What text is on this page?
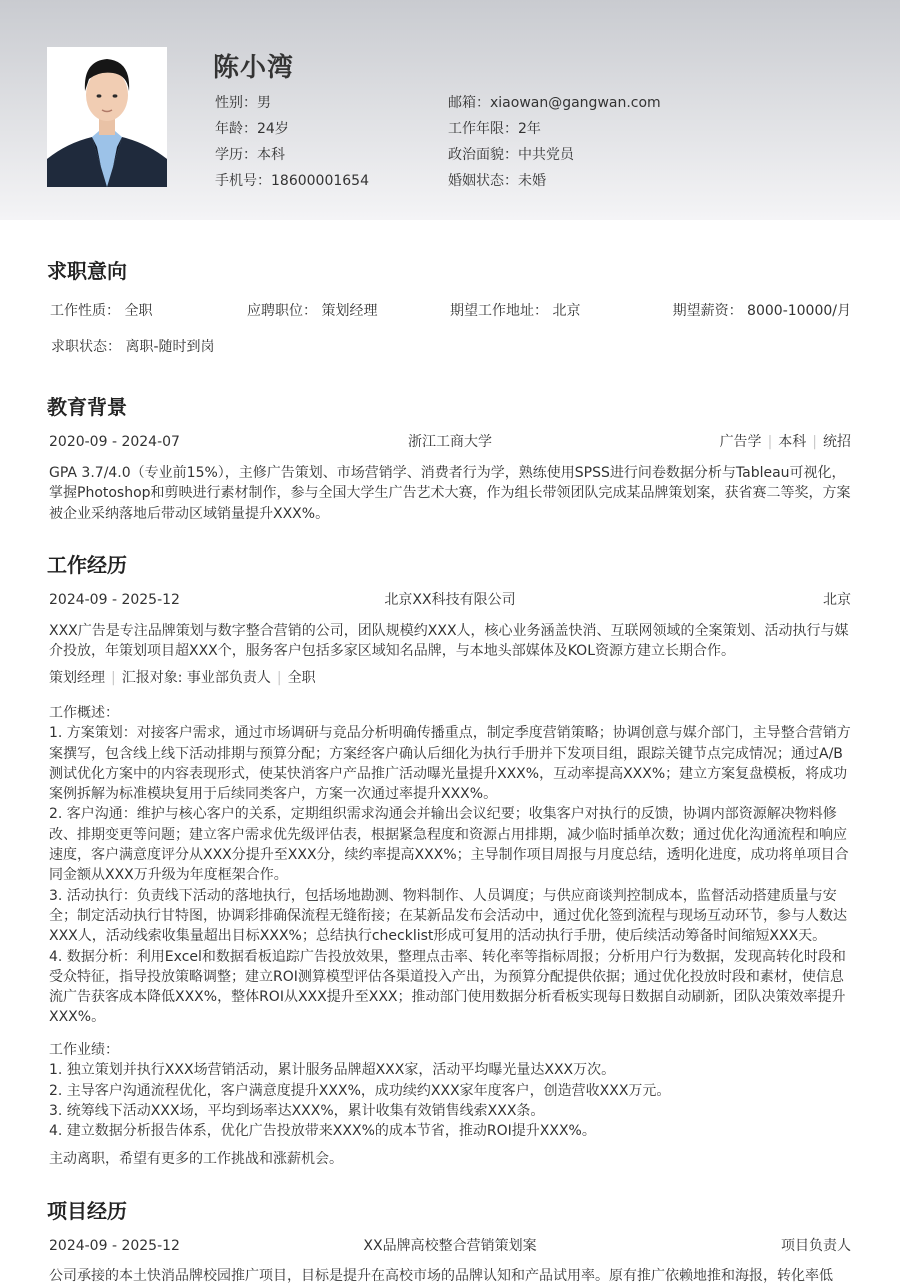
陈小湾
性别：男
年龄：24岁
学历：本科
手机号：18600001654
邮箱：xiaowan@gangwan.com
工作年限：2年
政治面貌：中共党员
婚姻状态：未婚
求职意向
工作性质： 全职	应聘职位： 策划经理	期望工作地址： 北京	期望薪资： 8000-10000/月
求职状态： 离职-随时到岗
教育背景
2020-09 - 2024-07	浙江工商大学	广告学 | 本科 | 统招
GPA 3.7/4.0（专业前15%），主修广告策划、市场营销学、消费者行为学，熟练使用SPSS进行问卷数据分析与Tableau可视化，
掌握Photoshop和剪映进行素材制作，参与全国大学生广告艺术大赛，作为组长带领团队完成某品牌策划案，获省赛二等奖，方案
被企业采纳落地后带动区域销量提升XXX%。
工作经历
2024-09 - 2025-12	北京XX科技有限公司	北京
XXX广告是专注品牌策划与数字整合营销的公司，团队规模约XXX人，核心业务涵盖快消、互联网领域的全案策划、活动执行与媒
介投放，年策划项目超XXX个，服务客户包括多家区域知名品牌，与本地头部媒体及KOL资源方建立长期合作。
策划经理 | 汇报对象: 事业部负责人 | 全职
工作概述：
1. 方案策划：对接客户需求，通过市场调研与竞品分析明确传播重点，制定季度营销策略；协调创意与媒介部门，主导整合营销方
案撰写，包含线上线下活动排期与预算分配；方案经客户确认后细化为执行手册并下发项目组，跟踪关键节点完成情况；通过A/B
测试优化方案中的内容表现形式，使某快消客户产品推广活动曝光量提升XXX%，互动率提高XXX%；建立方案复盘模板，将成功
案例拆解为标准模块复用于后续同类客户，方案一次通过率提升XXX%。
2. 客户沟通：维护与核心客户的关系，定期组织需求沟通会并输出会议纪要；收集客户对执行的反馈，协调内部资源解决物料修
改、排期变更等问题；建立客户需求优先级评估表，根据紧急程度和资源占用排期，减少临时插单次数；通过优化沟通流程和响应
速度，客户满意度评分从XXX分提升至XXX分，续约率提高XXX%；主导制作项目周报与月度总结，透明化进度，成功将单项目合
同金额从XXX万升级为年度框架合作。
3. 活动执行：负责线下活动的落地执行，包括场地勘测、物料制作、人员调度；与供应商谈判控制成本，监督活动搭建质量与安
全；制定活动执行甘特图，协调彩排确保流程无缝衔接；在某新品发布会活动中，通过优化签到流程与现场互动环节，参与人数达
XXX人，活动线索收集量超出目标XXX%；总结执行checklist形成可复用的活动执行手册，使后续活动筹备时间缩短XXX天。
4. 数据分析：利用Excel和数据看板追踪广告投放效果，整理点击率、转化率等指标周报；分析用户行为数据，发现高转化时段和
受众特征，指导投放策略调整；建立ROI测算模型评估各渠道投入产出，为预算分配提供依据；通过优化投放时段和素材，使信息
流广告获客成本降低XXX%，整体ROI从XXX提升至XXX；推动部门使用数据分析看板实现每日数据自动刷新，团队决策效率提升
XXX%。
工作业绩：
1. 独立策划并执行XXX场营销活动，累计服务品牌超XXX家，活动平均曝光量达XXX万次。
2. 主导客户沟通流程优化，客户满意度提升XXX%，成功续约XXX家年度客户，创造营收XXX万元。
3. 统筹线下活动XXX场，平均到场率达XXX%，累计收集有效销售线索XXX条。
4. 建立数据分析报告体系，优化广告投放带来XXX%的成本节省，推动ROI提升XXX%。
主动离职，希望有更多的工作挑战和涨薪机会。
项目经历
2024-09 - 2025-12	XX品牌高校整合营销策划案	项目负责人
公司承接的本土快消品牌校园推广项目，目标是提升在高校市场的品牌认知和产品试用率。原有推广依赖地推和海报，转化率低
